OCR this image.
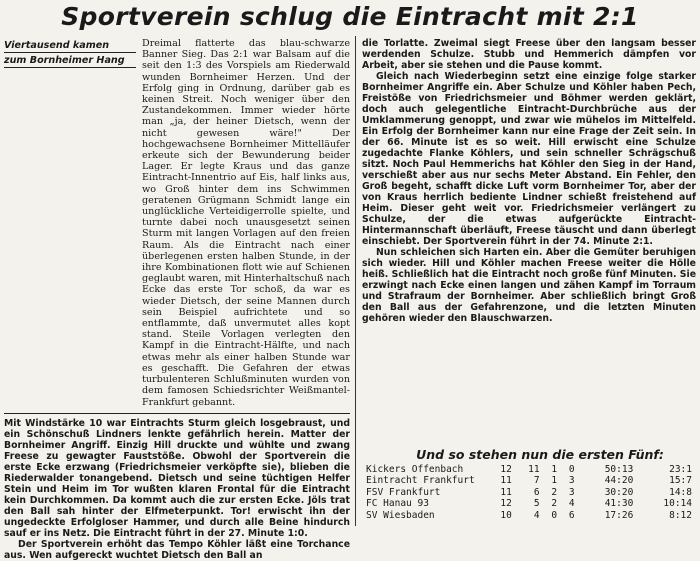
Sportverein schlug die Eintracht mit 2:1
Viertausend kamen
zum Bornheimer Hang

Dreimal flatterte das blau-schwarze Banner Sieg. Das 2:1 war Balsam auf die seit den 1:3 des Vorspiels am Riederwald wunden Bornheimer Herzen. Und der Erfolg ging in Ordnung, darüber gab es keinen Streit. Noch weniger über den Zustandekommen. Immer wieder hörte man „ja, der heiner Dietsch, wenn der nicht gewesen wäre!" Der hochgewachsene Bornheimer Mittelläufer erkeute sich der Bewunderung beider Lager. Er legte Kraus und das ganze Eintracht-Innentrio auf Eis, half links aus, wo Groß hinter dem ins Schwimmen geratenen Grügmann Schmidt lange ein unglückliche Verteidigerrolle spielte, und turnte dabei noch unausgesetzt seinen Sturm mit langen Vorlagen auf den freien Raum. Als die Eintracht nach einer überlegenen ersten halben Stunde, in der ihre Kombinationen flott wie auf Schienen geglaubt waren, mit Hinterhaltschuß nach Ecke das erste Tor schoß, da war es wieder Dietsch, der seine Mannen durch sein Beispiel aufrichtete und so entflammte, daß unvermutet alles kopt stand. Steile Vorlagen verlegten den Kampf in die Eintracht-Hälfte, und nach etwas mehr als einer halben Stunde war es geschafft. Die Gefahren der etwas turbulenteren Schlußminuten wurden von dem famosen Schiedsrichter Weißmantel-Frankfurt gebannt.

Mit Windstärke 10 war Eintrachts Sturm gleich losgebraust, und ein Schönschuß Lindners lenkte gefährlich herein. Matter der Bornheimer Angriff. Einzig Hill druckte und wühlte und zwang Freese zu gewagter Fauststöße. Obwohl der Sportverein die erste Ecke erzwang (Friedrichsmeier verköpfte sie), blieben die Riederwalder tonangebend. Dietsch und seine tüchtigen Helfer Stein und Heim im Tor wußten klaren Frontal für die Eintracht kein Durchkommen. Da kommt auch die zur ersten Ecke. Jöls trat den Ball sah hinter der Elfmeterpunkt. Tor! erwischt ihn der ungedeckte Erfolgloser Hammer, und durch alle Beine hindurch sauf er ins Netz. Die Eintracht führt in der 27. Minute 1:0.

Der Sportverein erhöht das Tempo Köhler läßt eine Torchance aus. Wen aufgereckt wuchtet Dietsch den Ball an

die Torlatte. Zweimal siegt Freese über den langsam besser werdenden Schulze. Stubb und Hemmerich dämpfen vor Arbeit, aber sie stehen und die Pause kommt.

Gleich nach Wiederbeginn setzt eine einzige folge starker Bornheimer Angriffe ein. Aber Schulze und Köhler haben Pech, Freistöße von Friedrichsmeier und Böhmer werden geklärt, doch auch gelegentliche Eintracht-Durchbrüche aus der Umklammerung genoppt, und zwar wie mühelos im Mittelfeld. Ein Erfolg der Bornheimer kann nur eine Frage der Zeit sein. In der 66. Minute ist es so weit. Hill erwischt eine Schulze zugedachte Flanke Köhlers, und sein schneller Schrägschuß sitzt. Noch Paul Hemmerichs hat Köhler den Sieg in der Hand, verschießt aber aus nur sechs Meter Abstand. Ein Fehler, den Groß begeht, schafft dicke Luft vorm Bornheimer Tor, aber der von Kraus herrlich bediente Lindner schießt freistehend auf Heim. Dieser geht weit vor. Friedrichsmeier verlängert zu Schulze, der die etwas aufgerückte Eintracht-Hintermannschaft überläuft, Freese täuscht und dann überlegt einschiebt. Der Sportverein führt in der 74. Minute 2:1.

Nun schleichen sich Harten ein. Aber die Gemüter beruhigen sich wieder. Hill und Köhler machen Freese weiter die Hölle heiß. Schließlich hat die Eintracht noch große fünf Minuten. Sie erzwingt nach Ecke einen langen und zähen Kampf im Torraum und Strafraum der Bornheimer. Aber schließlich bringt Groß den Ball aus der Gefahrenzone, und die letzten Minuten gehören wieder den Blauschwarzen.

Und so stehen nun die ersten Fünf:
Kickers Offenbach	12	11	1	0	50:13	23:1
Eintracht Frankfurt	11	7	1	3	44:20	15:7
FSV Frankfurt	11	6	2	3	30:20	14:8
FC Hanau 93	12	5	2	4	41:30	10:14
SV Wiesbaden	10	4	0	6	17:26	8:12
